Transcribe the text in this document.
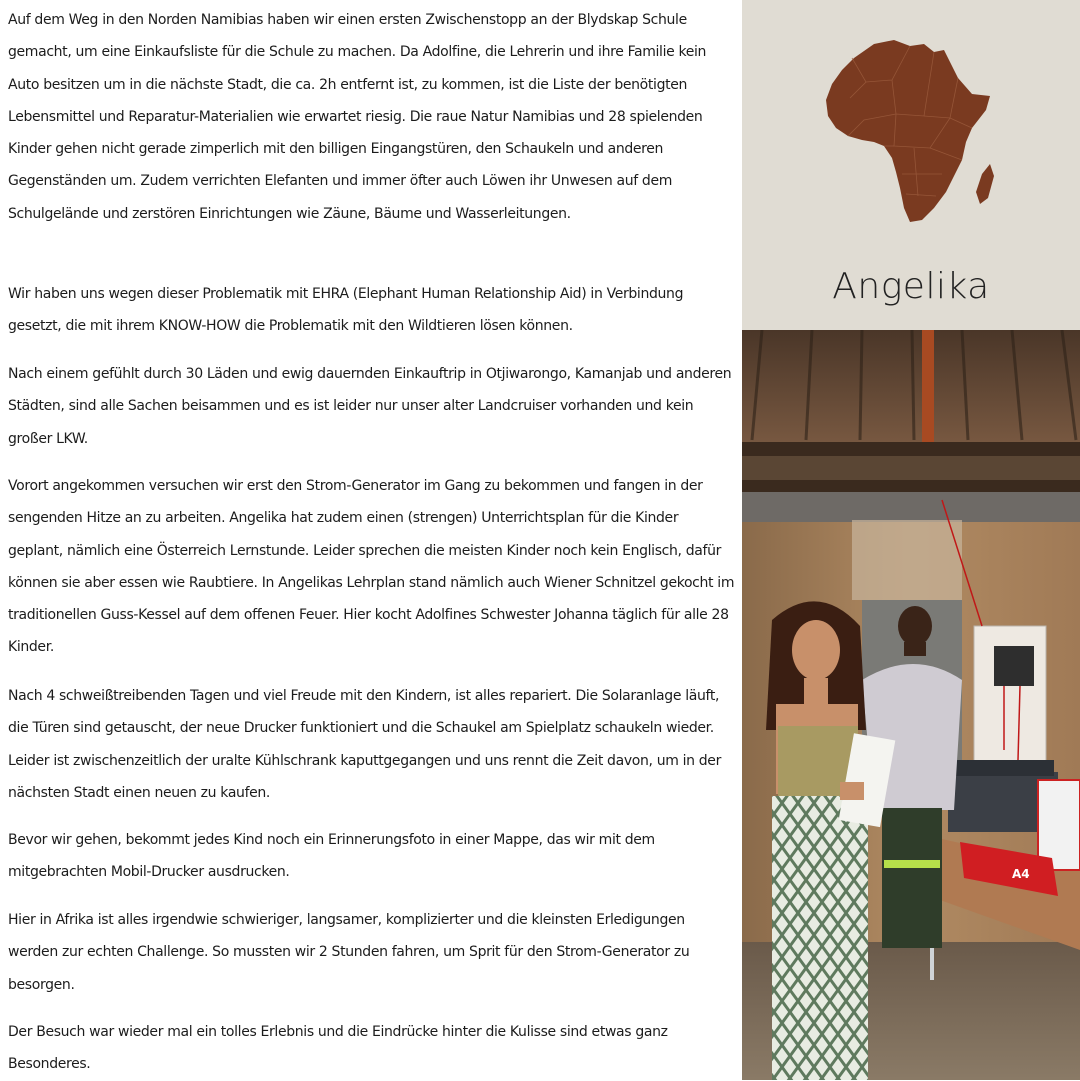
Auf dem Weg in den Norden Namibias haben wir einen ersten Zwischenstopp an der Blydskap Schule gemacht, um eine Einkaufsliste für die Schule zu machen. Da Adolfine, die Lehrerin und ihre Familie kein Auto besitzen um in die nächste Stadt, die ca. 2h entfernt ist, zu kommen, ist die Liste der benötigten Lebensmittel und Reparatur-Materialien wie erwartet riesig. Die raue Natur Namibias und 28 spielenden Kinder gehen nicht gerade zimperlich mit den billigen Eingangstüren, den Schaukeln und anderen Gegenständen um. Zudem verrichten Elefanten und immer öfter auch Löwen ihr Unwesen auf dem Schulgelände und zerstören Einrichtungen wie Zäune, Bäume und Wasserleitungen.

Wir haben uns wegen dieser Problematik mit EHRA (Elephant Human Relationship Aid) in Verbindung gesetzt, die mit ihrem KNOW-HOW die Problematik mit den Wildtieren lösen können.

Nach einem gefühlt durch 30 Läden und ewig dauernden Einkauftrip in Otjiwarongo, Kamanjab und anderen Städten, sind alle Sachen beisammen und es ist leider nur unser alter Landcruiser vorhanden und kein großer LKW.

Vorort angekommen versuchen wir erst den Strom-Generator im Gang zu bekommen und fangen in der sengenden Hitze an zu arbeiten. Angelika hat zudem einen (strengen) Unterrichtsplan für die Kinder geplant, nämlich eine Österreich Lernstunde. Leider sprechen die meisten Kinder noch kein Englisch, dafür können sie aber essen wie Raubtiere. In Angelikas Lehrplan stand nämlich auch Wiener Schnitzel gekocht im traditionellen Guss-Kessel auf dem offenen Feuer. Hier kocht Adolfines Schwester Johanna täglich für alle 28 Kinder.

Nach 4 schweißtreibenden Tagen und viel Freude mit den Kindern, ist alles repariert. Die Solaranlage läuft, die Türen sind getauscht, der neue Drucker funktioniert und die Schaukel am Spielplatz schaukeln wieder. Leider ist zwischenzeitlich der uralte Kühlschrank kaputtgegangen und uns rennt die Zeit davon, um in der nächsten Stadt einen neuen zu kaufen.

Bevor wir gehen, bekommt jedes Kind noch ein Erinnerungsfoto in einer Mappe, das wir mit dem mitgebrachten Mobil-Drucker ausdrucken.

Hier in Afrika ist alles irgendwie schwieriger, langsamer, komplizierter und die kleinsten Erledigungen werden zur echten Challenge. So mussten wir 2 Stunden fahren, um Sprit für den Strom-Generator zu besorgen.

Der Besuch war wieder mal ein tolles Erlebnis und die Eindrücke hinter die Kulisse sind etwas ganz Besonderes.

Angelika
A4
